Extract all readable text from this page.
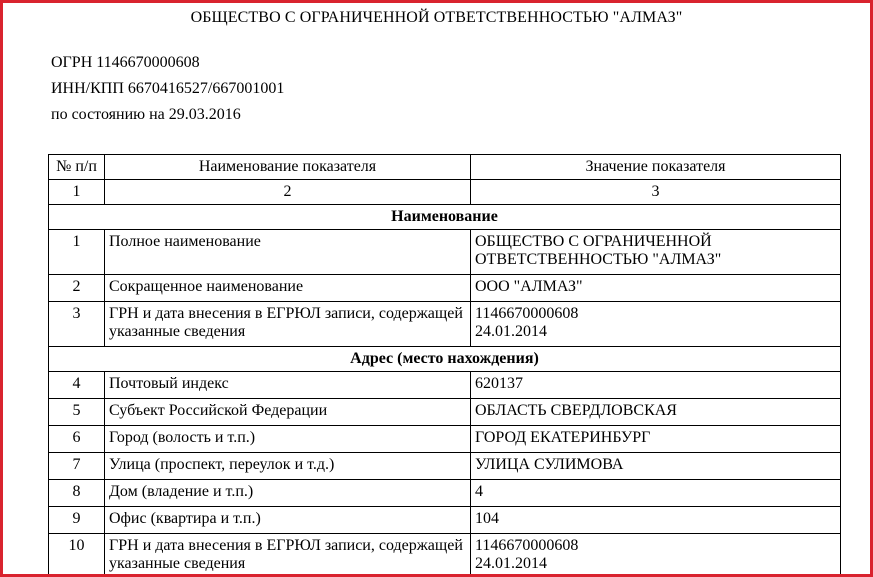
ОБЩЕСТВО С ОГРАНИЧЕННОЙ ОТВЕТСТВЕННОСТЬЮ "АЛМАЗ"
ОГРН 1146670000608
ИНН/КПП 6670416527/667001001
по состоянию на 29.03.2016
№ п/п	Наименование показателя	Значение показателя
1	2	3
Наименование		
1	Полное наименование	ОБЩЕСТВО С ОГРАНИЧЕННОЙ ОТВЕТСТВЕННОСТЬЮ "АЛМАЗ"
2	Сокращенное наименование	ООО "АЛМАЗ"
3	ГРН и дата внесения в ЕГРЮЛ записи, содержащей указанные сведения	1146670000608
24.01.2014

Адрес (место нахождения)		
4	Почтовый индекс	620137
5	Субъект Российской Федерации	ОБЛАСТЬ СВЕРДЛОВСКАЯ
6	Город (волость и т.п.)	ГОРОД ЕКАТЕРИНБУРГ
7	Улица (проспект, переулок и т.д.)	УЛИЦА СУЛИМОВА
8	Дом (владение и т.п.)	4
9	Офис (квартира и т.п.)	104
10	ГРН и дата внесения в ЕГРЮЛ записи, содержащей указанные сведения	1146670000608
24.01.2014
